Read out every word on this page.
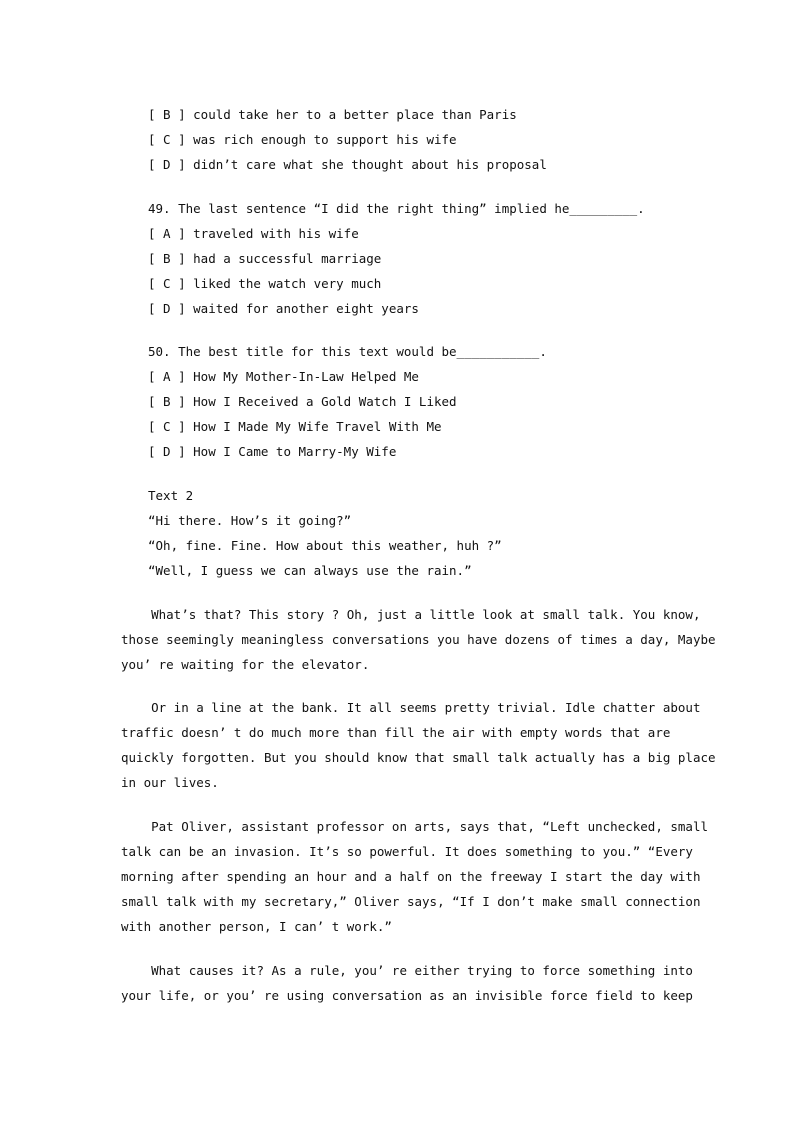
[ B ] could take her to a better place than Paris
[ C ] was rich enough to support his wife
[ D ] didn’t care what she thought about his proposal
49. The last sentence “I did the right thing” implied he_________.
[ A ] traveled with his wife
[ B ] had a successful marriage
[ C ] liked the watch very much
[ D ] waited for another eight years
50. The best title for this text would be___________.
[ A ] How My Mother-In-Law Helped Me
[ B ] How I Received a Gold Watch I Liked
[ C ] How I Made My Wife Travel With Me
[ D ] How I Came to Marry-My Wife
Text 2
“Hi there. How’s it going?”
“Oh, fine. Fine. How about this weather, huh ?”
“Well, I guess we can always use the rain.”
What’s that? This story ? Oh, just a little look at small talk. You know,
those seemingly meaningless conversations you have dozens of times a day, Maybe
you’ re waiting for the elevator.
Or in a line at the bank. It all seems pretty trivial. Idle chatter about
traffic doesn’ t do much more than fill the air with empty words that are
quickly forgotten. But you should know that small talk actually has a big place
in our lives.
Pat Oliver, assistant professor on arts, says that, “Left unchecked, small
talk can be an invasion. It’s so powerful. It does something to you.” “Every
morning after spending an hour and a half on the freeway I start the day with
small talk with my secretary,” Oliver says, “If I don’t make small connection
with another person, I can’ t work.”
What causes it? As a rule, you’ re either trying to force something into
your life, or you’ re using conversation as an invisible force field to keep
